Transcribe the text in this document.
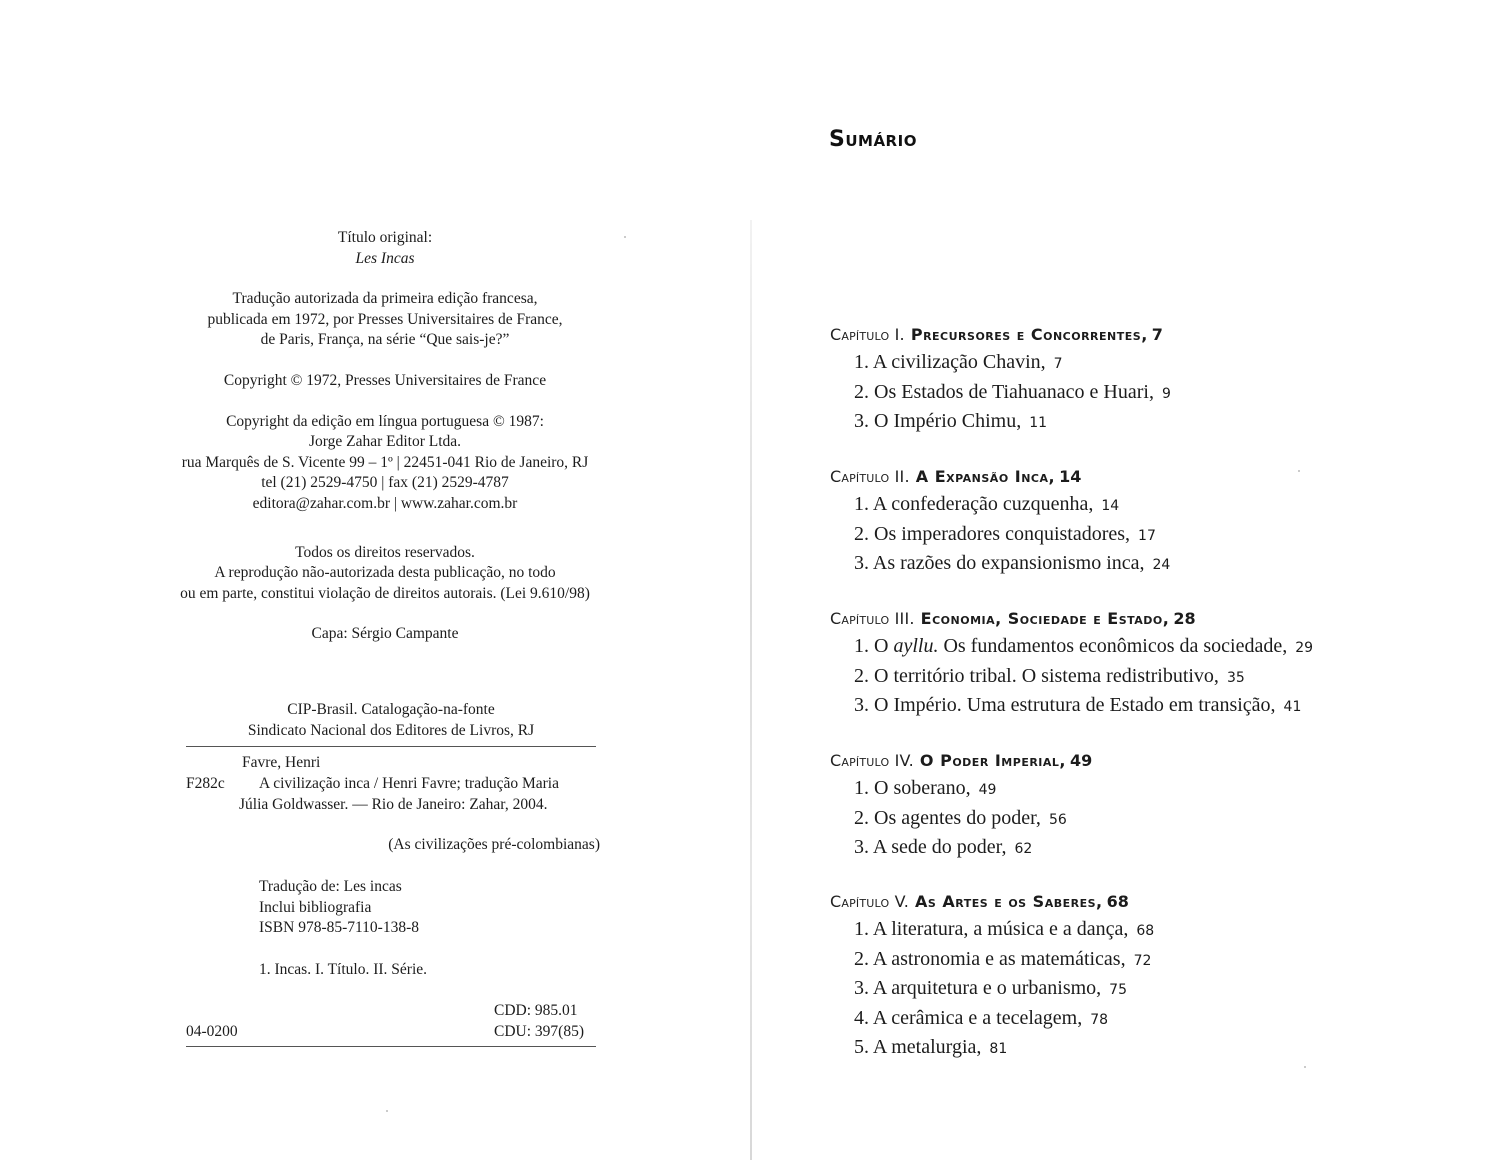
Título original:

Les Incas

Tradução autorizada da primeira edição francesa,

publicada em 1972, por Presses Universitaires de France,

de Paris, França, na série “Que sais-je?”

Copyright © 1972, Presses Universitaires de France

Copyright da edição em língua portuguesa © 1987:

Jorge Zahar Editor Ltda.

rua Marquês de S. Vicente 99 – 1º | 22451-041 Rio de Janeiro, RJ

tel (21) 2529-4750 | fax (21) 2529-4787

editora@zahar.com.br | www.zahar.com.br

Todos os direitos reservados.

A reprodução não-autorizada desta publicação, no todo

ou em parte, constitui violação de direitos autorais. (Lei 9.610/98)

Capa: Sérgio Campante

CIP-Brasil. Catalogação-na-fonte

Sindicato Nacional dos Editores de Livros, RJ

Favre, Henri

F282c	A civilização inca / Henri Favre; tradução Maria

Júlia Goldwasser. — Rio de Janeiro: Zahar, 2004.

(As civilizações pré-colombianas)

Tradução de: Les incas

Inclui bibliografia

ISBN 978-85-7110-138-8

1. Incas. I. Título. II. Série.

CDD: 985.01

CDU: 397(85)

04-0200

Sumário
Capítulo I. Precursores e Concorrentes, 7
1. A civilização Chavin, 7
2. Os Estados de Tiahuanaco e Huari, 9
3. O Império Chimu, 11
Capítulo II. A Expansão Inca, 14
1. A confederação cuzquenha, 14
2. Os imperadores conquistadores, 17
3. As razões do expansionismo inca, 24
Capítulo III. Economia, Sociedade e Estado, 28
1. O ayllu. Os fundamentos econômicos da sociedade, 29
2. O território tribal. O sistema redistributivo, 35
3. O Império. Uma estrutura de Estado em transição, 41
Capítulo IV. O Poder Imperial, 49
1. O soberano, 49
2. Os agentes do poder, 56
3. A sede do poder, 62
Capítulo V. As Artes e os Saberes, 68
1. A literatura, a música e a dança, 68
2. A astronomia e as matemáticas, 72
3. A arquitetura e o urbanismo, 75
4. A cerâmica e a tecelagem, 78
5. A metalurgia, 81
